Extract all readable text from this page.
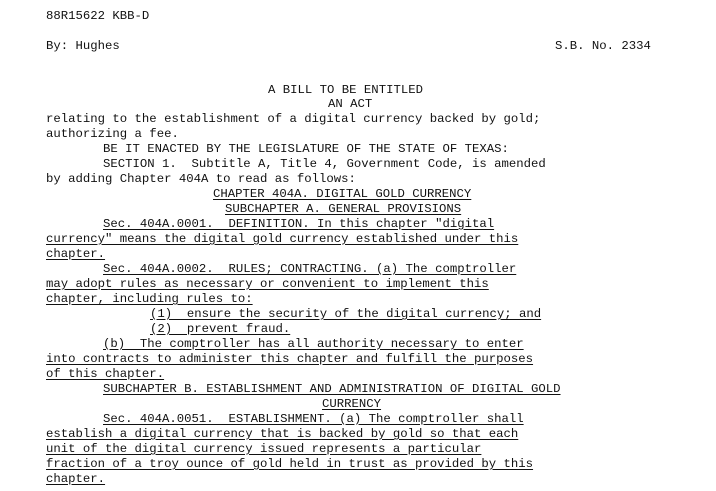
88R15622 KBB-D
By: Hughes	S.B. No. 2334
A BILL TO BE ENTITLED
AN ACT
relating to the establishment of a digital currency backed by gold;
authorizing a fee.
BE IT ENACTED BY THE LEGISLATURE OF THE STATE OF TEXAS:
SECTION 1.  Subtitle A, Title 4, Government Code, is amended
by adding Chapter 404A to read as follows:
CHAPTER 404A. DIGITAL GOLD CURRENCY
SUBCHAPTER A. GENERAL PROVISIONS
Sec. 404A.0001.  DEFINITION. In this chapter "digital
currency" means the digital gold currency established under this
chapter.
Sec. 404A.0002.  RULES; CONTRACTING. (a) The comptroller
may adopt rules as necessary or convenient to implement this
chapter, including rules to:
(1)  ensure the security of the digital currency; and
(2)  prevent fraud.
(b)  The comptroller has all authority necessary to enter
into contracts to administer this chapter and fulfill the purposes
of this chapter.
SUBCHAPTER B. ESTABLISHMENT AND ADMINISTRATION OF DIGITAL GOLD
CURRENCY
Sec. 404A.0051.  ESTABLISHMENT. (a) The comptroller shall
establish a digital currency that is backed by gold so that each
unit of the digital currency issued represents a particular
fraction of a troy ounce of gold held in trust as provided by this
chapter.
